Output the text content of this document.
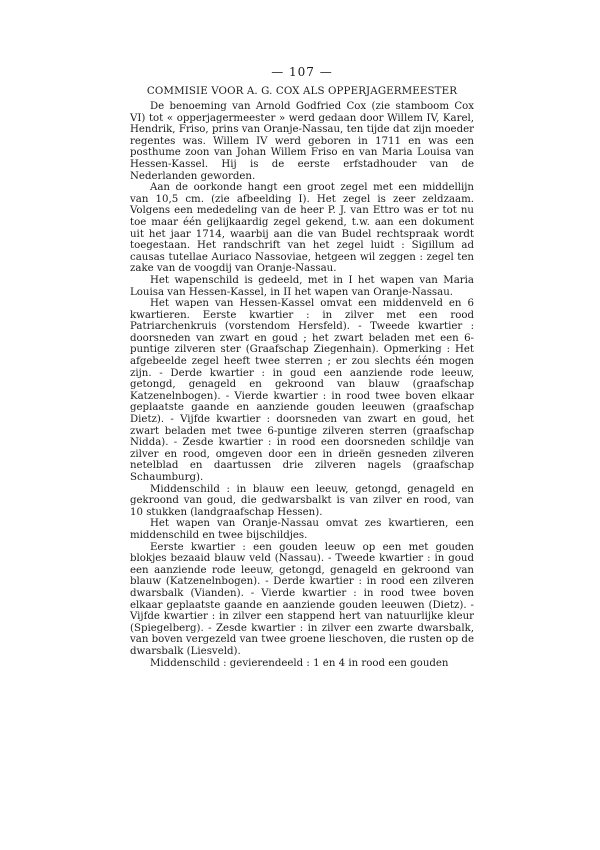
— 107 —
COMMISIE VOOR A. G. COX ALS OPPERJAGERMEESTER

De benoeming van Arnold Godfried Cox (zie stamboom Cox VI) tot « opperjagermeester » werd gedaan door Willem IV, Karel, Hendrik, Friso, prins van Oranje-Nassau, ten tijde dat zijn moeder regentes was. Willem IV werd geboren in 1711 en was een posthume zoon van Johan Willem Friso en van Maria Louisa van Hessen-Kassel. Hij is de eerste erfstadhouder van de Nederlanden geworden.

Aan de oorkonde hangt een groot zegel met een middellijn van 10,5 cm. (zie afbeelding I). Het zegel is zeer zeldzaam. Volgens een mededeling van de heer P. J. van Ettro was er tot nu toe maar één gelijkaardig zegel gekend, t.w. aan een dokument uit het jaar 1714, waarbij aan die van Budel rechtspraak wordt toegestaan. Het randschrift van het zegel luidt : Sigillum ad causas tutellae Auriaco Nassoviae, hetgeen wil zeggen : zegel ten zake van de voogdij van Oranje-Nassau.

Het wapenschild is gedeeld, met in I het wapen van Maria Louisa van Hessen-Kassel, in II het wapen van Oranje-Nassau.

Het wapen van Hessen-Kassel omvat een middenveld en 6 kwartieren. Eerste kwartier : in zilver met een rood Patriarchenkruis (vorstendom Hersfeld). - Tweede kwartier : doorsneden van zwart en goud ; het zwart beladen met een 6-puntige zilveren ster (Graafschap Ziegenhain). Opmerking : Het afgebeelde zegel heeft twee sterren ; er zou slechts één mogen zijn. - Derde kwartier : in goud een aanziende rode leeuw, getongd, genageld en gekroond van blauw (graafschap Katzenelnbogen). - Vierde kwartier : in rood twee boven elkaar geplaatste gaande en aanziende gouden leeuwen (graafschap Dietz). - Vijfde kwartier : doorsneden van zwart en goud, het zwart beladen met twee 6-puntige zilveren sterren (graafschap Nidda). - Zesde kwartier : in rood een doorsneden schildje van zilver en rood, omgeven door een in drieën gesneden zilveren netelblad en daartussen drie zilveren nagels (graafschap Schaumburg).

Middenschild : in blauw een leeuw, getongd, genageld en gekroond van goud, die gedwarsbalkt is van zilver en rood, van 10 stukken (landgraafschap Hessen).

Het wapen van Oranje-Nassau omvat zes kwartieren, een middenschild en twee bijschildjes.

Eerste kwartier : een gouden leeuw op een met gouden blokjes bezaaid blauw veld (Nassau). - Tweede kwartier : in goud een aanziende rode leeuw, getongd, genageld en gekroond van blauw (Katzenelnbogen). - Derde kwartier : in rood een zilveren dwarsbalk (Vianden). - Vierde kwartier : in rood twee boven elkaar geplaatste gaande en aanziende gouden leeuwen (Dietz). - Vijfde kwartier : in zilver een stappend hert van natuurlijke kleur (Spiegelberg). - Zesde kwartier : in zilver een zwarte dwarsbalk, van boven vergezeld van twee groene lieschoven, die rusten op de dwarsbalk (Liesveld).

Middenschild : gevierendeeld : 1 en 4 in rood een gouden
